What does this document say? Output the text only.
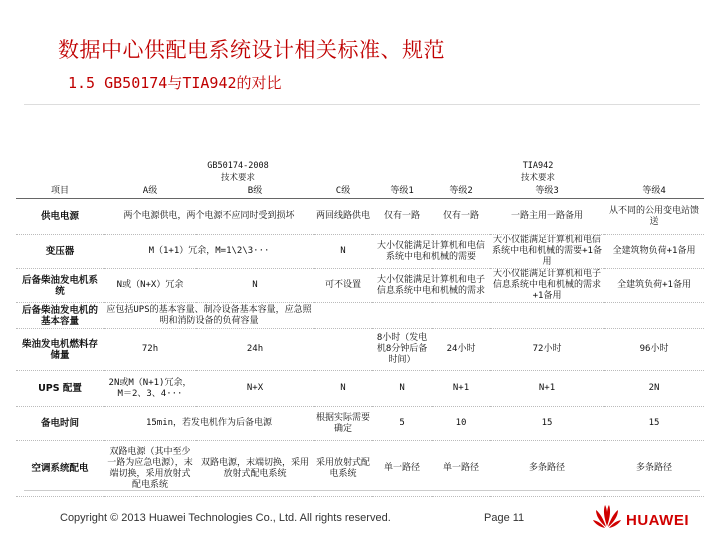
数据中心供配电系统设计相关标准、规范
1.5 GB50174与TIA942的对比
	GB50174-2008			TIA942			
	技术要求			技术要求			
项目	A级	B级	C级	等级1	等级2	等级3	等级4
供电电源	两个电源供电，两个电源不应同时受到损坏		两回线路供电	仅有一路	仅有一路	一路主用一路备用	从不同的公用变电站馈送
变压器	M（1+1）冗余，M=1\2\3···		N	大小仅能满足计算机和电信系统中电和机械的需要		大小仅能满足计算机和电信系统中电和机械的需要+1备用	全建筑物负荷+1备用
后备柴油发电机系统	N或（N+X）冗余	N	可不设置	大小仅能满足计算机和电子信息系统中电和机械的需求		大小仅能满足计算机和电子信息系统中电和机械的需求+1备用	全建筑负荷+1备用
后备柴油发电机的基本容量	应包括UPS的基本容量、制冷设备基本容量，应急照明和消防设备的负荷容量						
柴油发电机燃料存储量	72h	24h		8小时（发电机8分钟后备时间）	24小时	72小时	96小时
UPS 配置	2N或M（N+1)冗余，M＝2、3、4···	N+X	N	N	N+1	N+1	2N
备电时间	15min，若发电机作为后备电源		根据实际需要确定	5	10	15	15
空调系统配电	双路电源（其中至少一路为应急电源），末端切换，采用放射式配电系统	双路电源，末端切换，采用放射式配电系统	采用放射式配电系统	单一路径	单一路径	多条路径	多条路径
Copyright © 2013 Huawei Technologies Co., Ltd. All rights reserved.	Page 11	HUAWEI
